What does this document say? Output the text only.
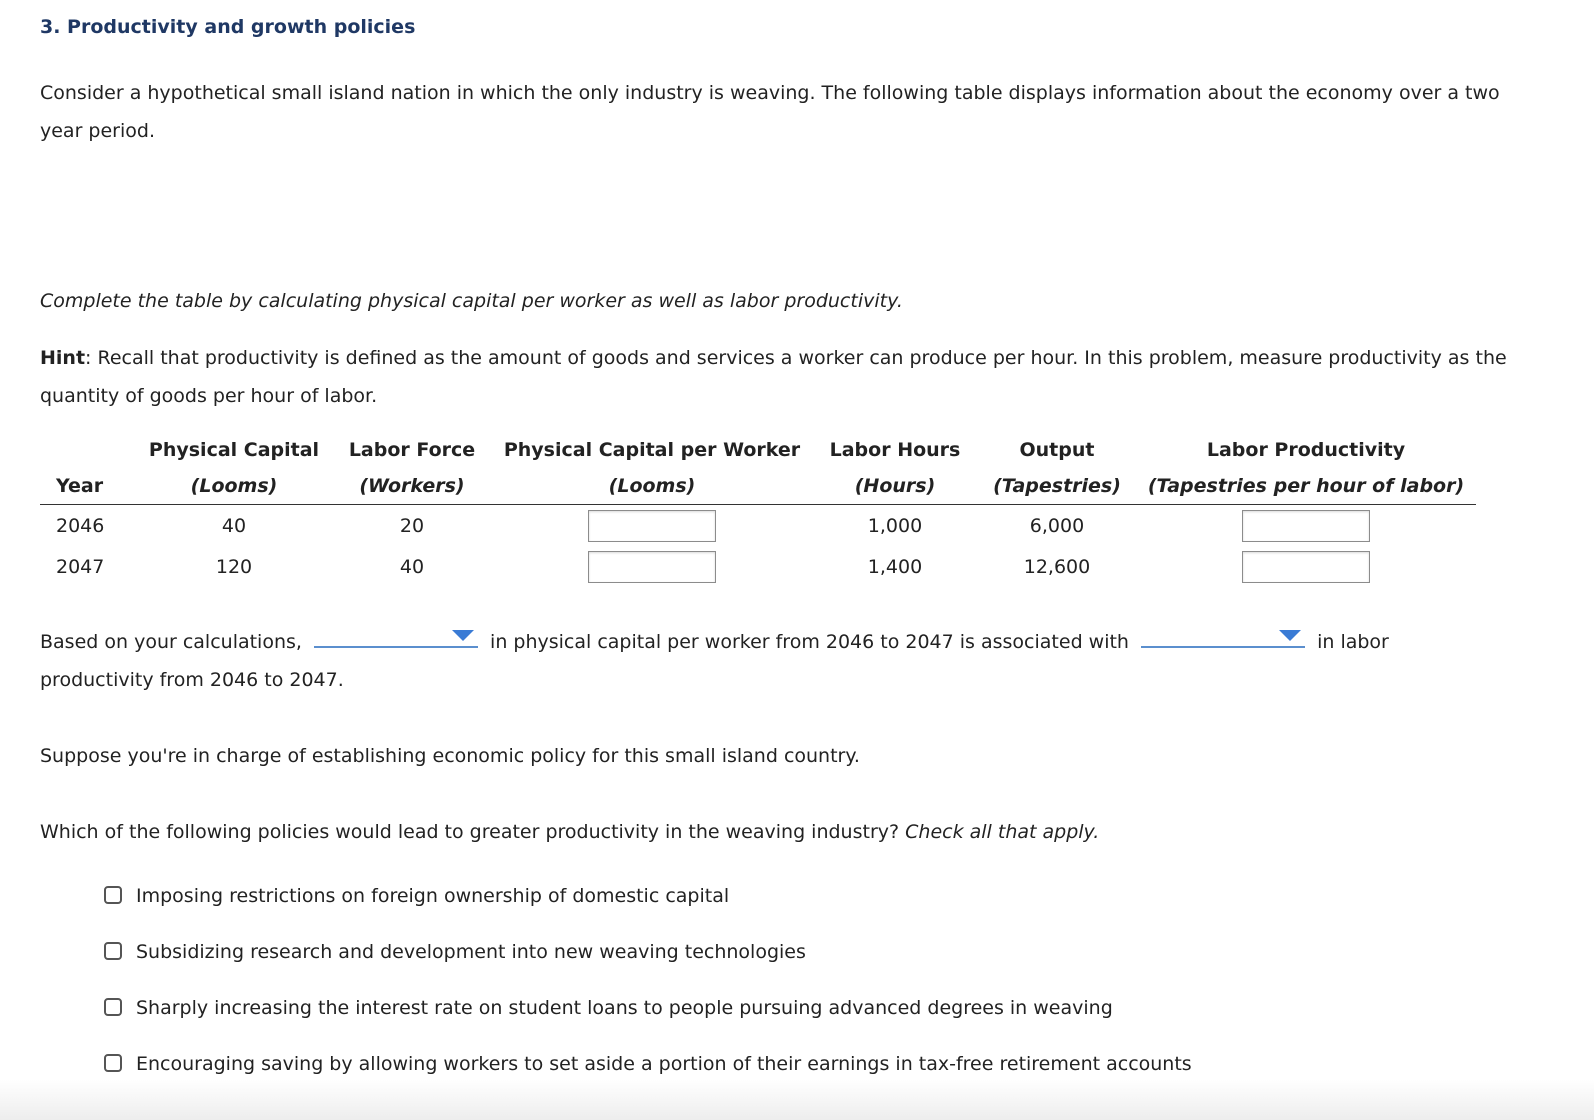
3. Productivity and growth policies

Consider a hypothetical small island nation in which the only industry is weaving. The following table displays information about the economy over a two year period.

Complete the table by calculating physical capital per worker as well as labor productivity.

Hint: Recall that productivity is defined as the amount of goods and services a worker can produce per hour. In this problem, measure productivity as the quantity of goods per hour of labor.

	Physical Capital	Labor Force	Physical Capital per Worker	Labor Hours	Output	Labor Productivity
Year	(Looms)	(Workers)	(Looms)	(Hours)	(Tapestries)	(Tapestries per hour of labor)
2046	40	20		1,000	6,000	
2047	120	40		1,400	12,600	

Based on your calculations,	in physical capital per worker from 2046 to 2047 is associated with	in labor productivity from 2046 to 2047.

Suppose you're in charge of establishing economic policy for this small island country.

Which of the following policies would lead to greater productivity in the weaving industry? Check all that apply.

Imposing restrictions on foreign ownership of domestic capital
Subsidizing research and development into new weaving technologies
Sharply increasing the interest rate on student loans to people pursuing advanced degrees in weaving
Encouraging saving by allowing workers to set aside a portion of their earnings in tax-free retirement accounts
